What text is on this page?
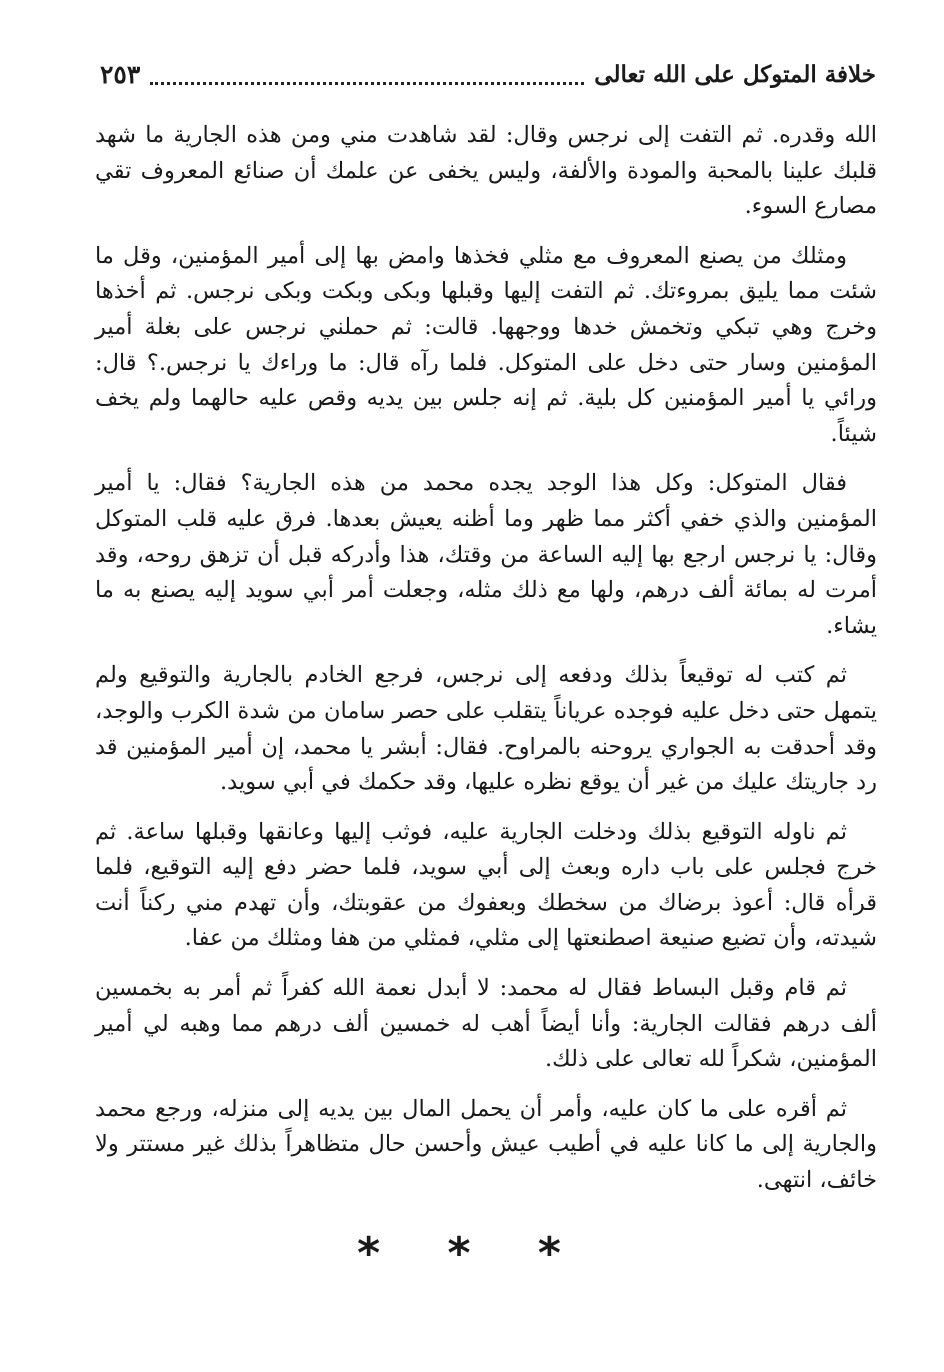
خلافة المتوكل على الله تعالى
٢٥٣

الله وقدره. ثم التفت إلى نرجس وقال: لقد شاهدت مني ومن هذه الجارية ما شهد قلبك علينا بالمحبة والمودة والألفة، وليس يخفى عن علمك أن صنائع المعروف تقي مصارع السوء.

ومثلك من يصنع المعروف مع مثلي فخذها وامض بها إلى أمير المؤمنين، وقل ما شئت مما يليق بمروءتك. ثم التفت إليها وقبلها وبكى وبكت وبكى نرجس. ثم أخذها وخرج وهي تبكي وتخمش خدها ووجهها. قالت: ثم حملني نرجس على بغلة أمير المؤمنين وسار حتى دخل على المتوكل. فلما رآه قال: ما وراءك يا نرجس.؟ قال: ورائي يا أمير المؤمنين كل بلية. ثم إنه جلس بين يديه وقص عليه حالهما ولم يخف شيئاً.

فقال المتوكل: وكل هذا الوجد يجده محمد من هذه الجارية؟ فقال: يا أمير المؤمنين والذي خفي أكثر مما ظهر وما أظنه يعيش بعدها. فرق عليه قلب المتوكل وقال: يا نرجس ارجع بها إليه الساعة من وقتك، هذا وأدركه قبل أن تزهق روحه، وقد أمرت له بمائة ألف درهم، ولها مع ذلك مثله، وجعلت أمر أبي سويد إليه يصنع به ما يشاء.

ثم كتب له توقيعاً بذلك ودفعه إلى نرجس، فرجع الخادم بالجارية والتوقيع ولم يتمهل حتى دخل عليه فوجده عرياناً يتقلب على حصر سامان من شدة الكرب والوجد، وقد أحدقت به الجواري يروحنه بالمراوح. فقال: أبشر يا محمد، إن أمير المؤمنين قد رد جاريتك عليك من غير أن يوقع نظره عليها، وقد حكمك في أبي سويد.

ثم ناوله التوقيع بذلك ودخلت الجارية عليه، فوثب إليها وعانقها وقبلها ساعة. ثم خرج فجلس على باب داره وبعث إلى أبي سويد، فلما حضر دفع إليه التوقيع، فلما قرأه قال: أعوذ برضاك من سخطك وبعفوك من عقوبتك، وأن تهدم مني ركناً أنت شيدته، وأن تضيع صنيعة اصطنعتها إلى مثلي، فمثلي من هفا ومثلك من عفا.

ثم قام وقبل البساط فقال له محمد: لا أبدل نعمة الله كفراً ثم أمر به بخمسين ألف درهم فقالت الجارية: وأنا أيضاً أهب له خمسين ألف درهم مما وهبه لي أمير المؤمنين، شكراً لله تعالى على ذلك.

ثم أقره على ما كان عليه، وأمر أن يحمل المال بين يديه إلى منزله، ورجع محمد والجارية إلى ما كانا عليه في أطيب عيش وأحسن حال متظاهراً بذلك غير مستتر ولا خائف، انتهى.

* * *
